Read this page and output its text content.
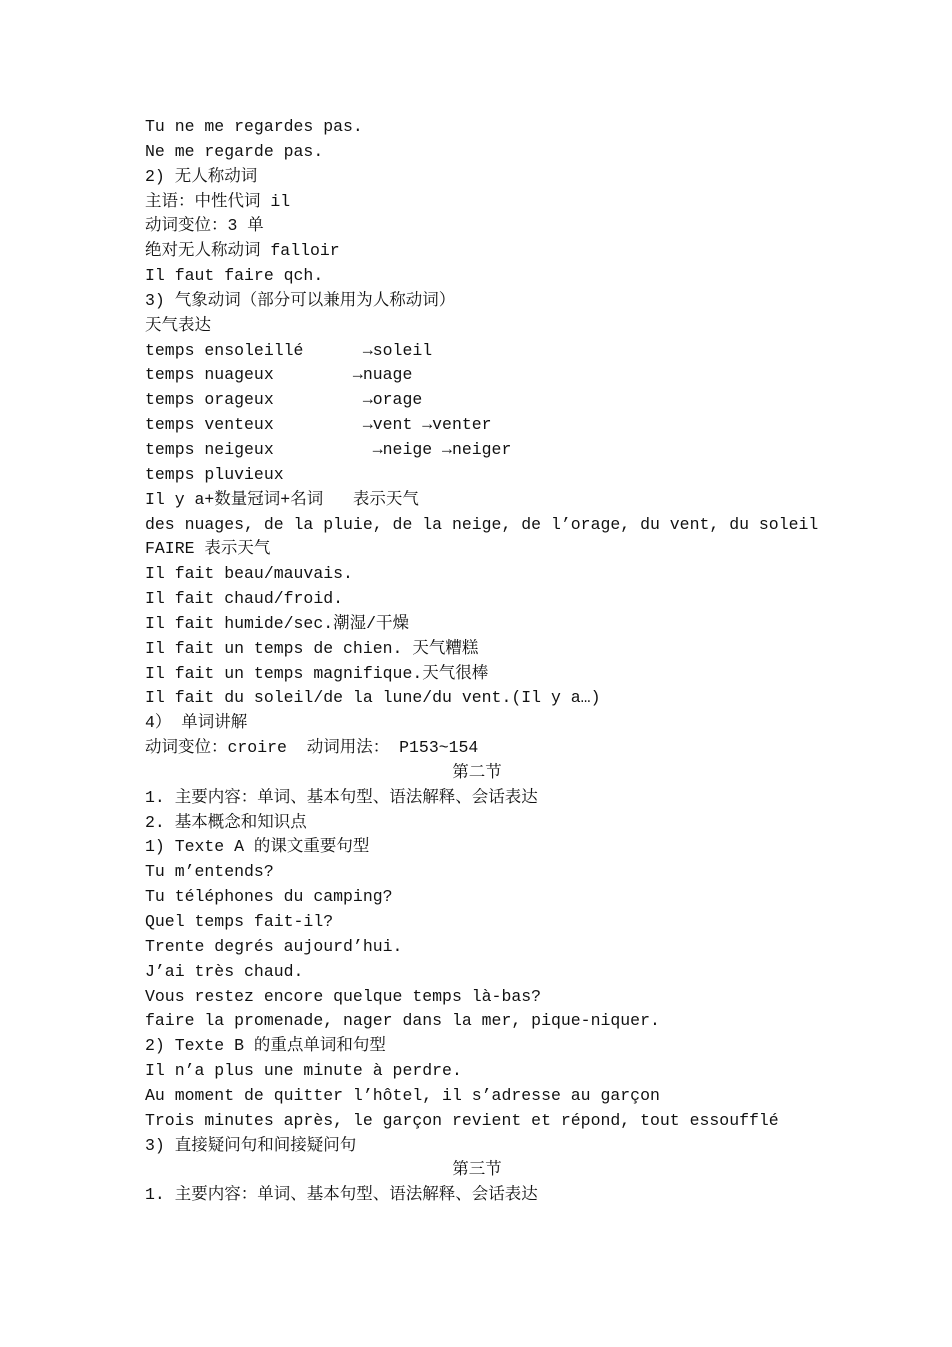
Tu ne me regardes pas.
Ne me regarde pas.
2) 无人称动词
主语：中性代词 il
动词变位：3 单
绝对无人称动词 falloir
Il faut faire qch.
3) 气象动词（部分可以兼用为人称动词）
天气表达
temps ensoleillé      →soleil
temps nuageux        →nuage
temps orageux         →orage
temps venteux         →vent →venter
temps neigeux          →neige →neiger
temps pluvieux
Il y a+数量冠词+名词   表示天气
des nuages, de la pluie, de la neige, de l’orage, du vent, du soleil
FAIRE 表示天气
Il fait beau/mauvais.
Il fait chaud/froid.
Il fait humide/sec.潮湿/干燥
Il fait un temps de chien. 天气糟糕
Il fait un temps magnifique.天气很棒
Il fait du soleil/de la lune/du vent.(Il y a…)
4） 单词讲解
动词变位：croire  动词用法： P153~154
第二节
1. 主要内容：单词、基本句型、语法解释、会话表达
2. 基本概念和知识点
1) Texte A 的课文重要句型
Tu m’entends?
Tu téléphones du camping?
Quel temps fait-il?
Trente degrés aujourd’hui.
J’ai très chaud.
Vous restez encore quelque temps là-bas?
faire la promenade, nager dans la mer, pique-niquer.
2) Texte B 的重点单词和句型
Il n’a plus une minute à perdre.
Au moment de quitter l’hôtel, il s’adresse au garçon
Trois minutes après, le garçon revient et répond, tout essoufflé
3) 直接疑问句和间接疑问句
第三节
1. 主要内容：单词、基本句型、语法解释、会话表达
